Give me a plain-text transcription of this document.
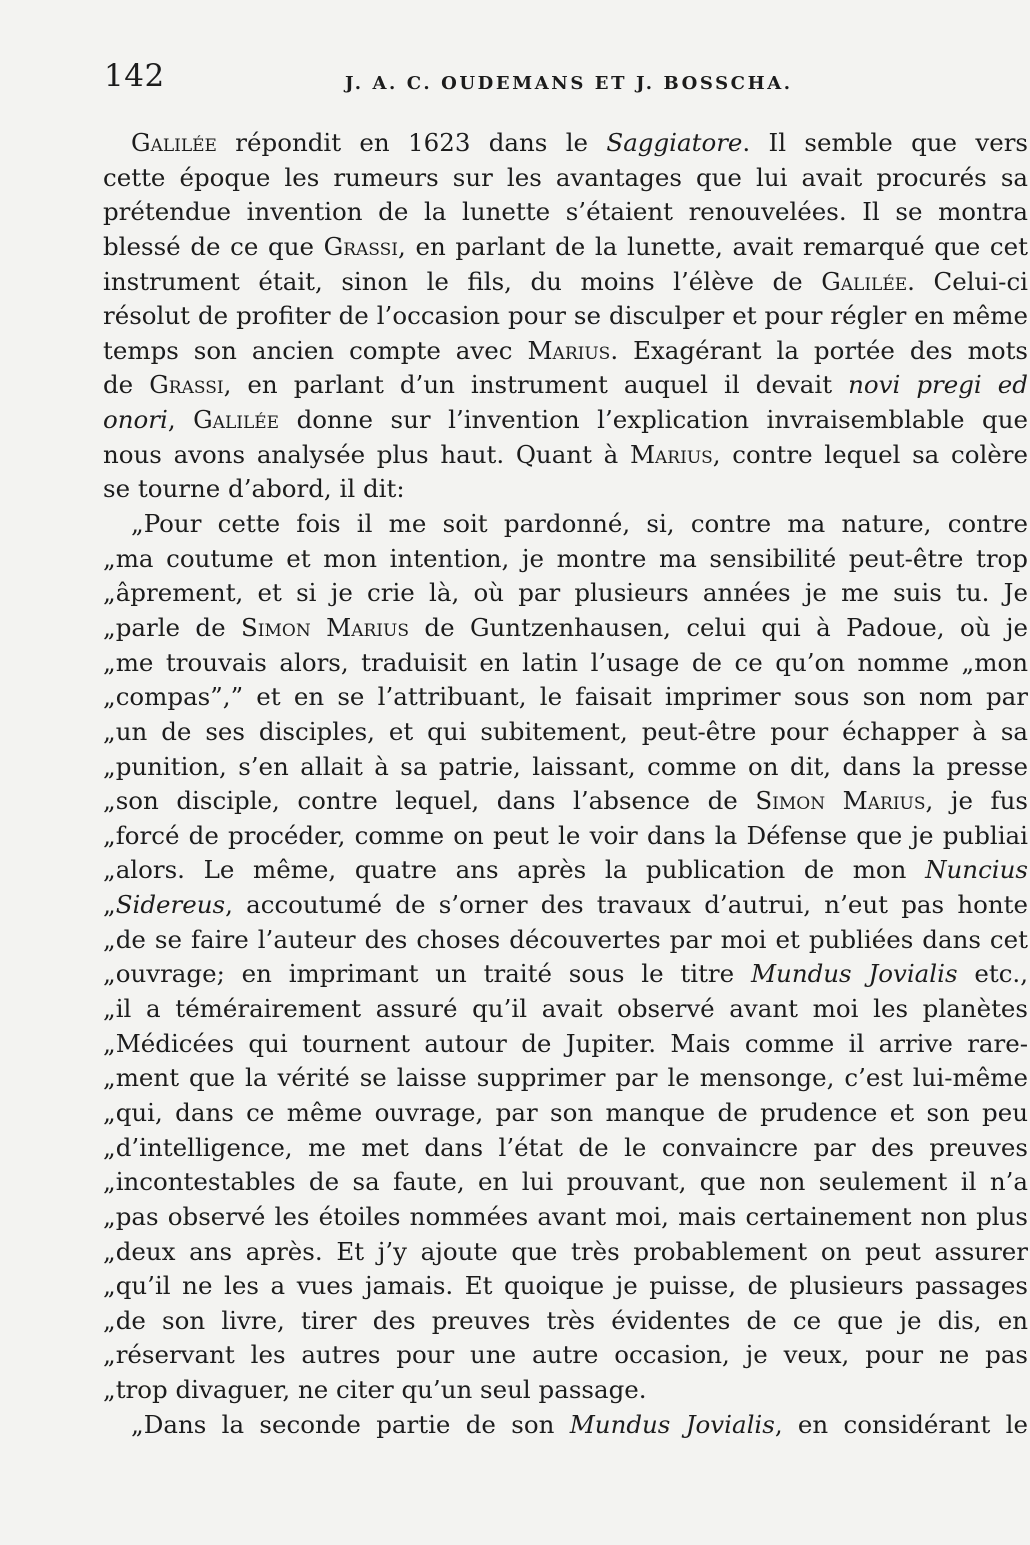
142	J. A. C. OUDEMANS ET J. BOSSCHA.
Galilée répondit en 1623 dans le Saggiatore. Il semble que vers
cette époque les rumeurs sur les avantages que lui avait procurés sa
prétendue invention de la lunette s’étaient renouvelées. Il se montra
blessé de ce que Grassi, en parlant de la lunette, avait remarqué que cet
instrument était, sinon le fils, du moins l’élève de Galilée. Celui-ci
résolut de profiter de l’occasion pour se disculper et pour régler en même
temps son ancien compte avec Marius. Exagérant la portée des mots
de Grassi, en parlant d’un instrument auquel il devait novi pregi ed
onori, Galilée donne sur l’invention l’explication invraisemblable que
nous avons analysée plus haut. Quant à Marius, contre lequel sa colère
se tourne d’abord, il dit:
„Pour cette fois il me soit pardonné, si, contre ma nature, contre
„ma coutume et mon intention, je montre ma sensibilité peut-être trop
„âprement, et si je crie là, où par plusieurs années je me suis tu. Je
„parle de Simon Marius de Guntzenhausen, celui qui à Padoue, où je
„me trouvais alors, traduisit en latin l’usage de ce qu’on nomme „mon
„compas”,” et en se l’attribuant, le faisait imprimer sous son nom par
„un de ses disciples, et qui subitement, peut-être pour échapper à sa
„punition, s’en allait à sa patrie, laissant, comme on dit, dans la presse
„son disciple, contre lequel, dans l’absence de Simon Marius, je fus
„forcé de procéder, comme on peut le voir dans la Défense que je publiai
„alors. Le même, quatre ans après la publication de mon Nuncius
„Sidereus, accoutumé de s’orner des travaux d’autrui, n’eut pas honte
„de se faire l’auteur des choses découvertes par moi et publiées dans cet
„ouvrage; en imprimant un traité sous le titre Mundus Jovialis etc.,
„il a témérairement assuré qu’il avait observé avant moi les planètes
„Médicées qui tournent autour de Jupiter. Mais comme il arrive rare-
„ment que la vérité se laisse supprimer par le mensonge, c’est lui-même
„qui, dans ce même ouvrage, par son manque de prudence et son peu
„d’intelligence, me met dans l’état de le convaincre par des preuves
„incontestables de sa faute, en lui prouvant, que non seulement il n’a
„pas observé les étoiles nommées avant moi, mais certainement non plus
„deux ans après. Et j’y ajoute que très probablement on peut assurer
„qu’il ne les a vues jamais. Et quoique je puisse, de plusieurs passages
„de son livre, tirer des preuves très évidentes de ce que je dis, en
„réservant les autres pour une autre occasion, je veux, pour ne pas
„trop divaguer, ne citer qu’un seul passage.
„Dans la seconde partie de son Mundus Jovialis, en considérant le
